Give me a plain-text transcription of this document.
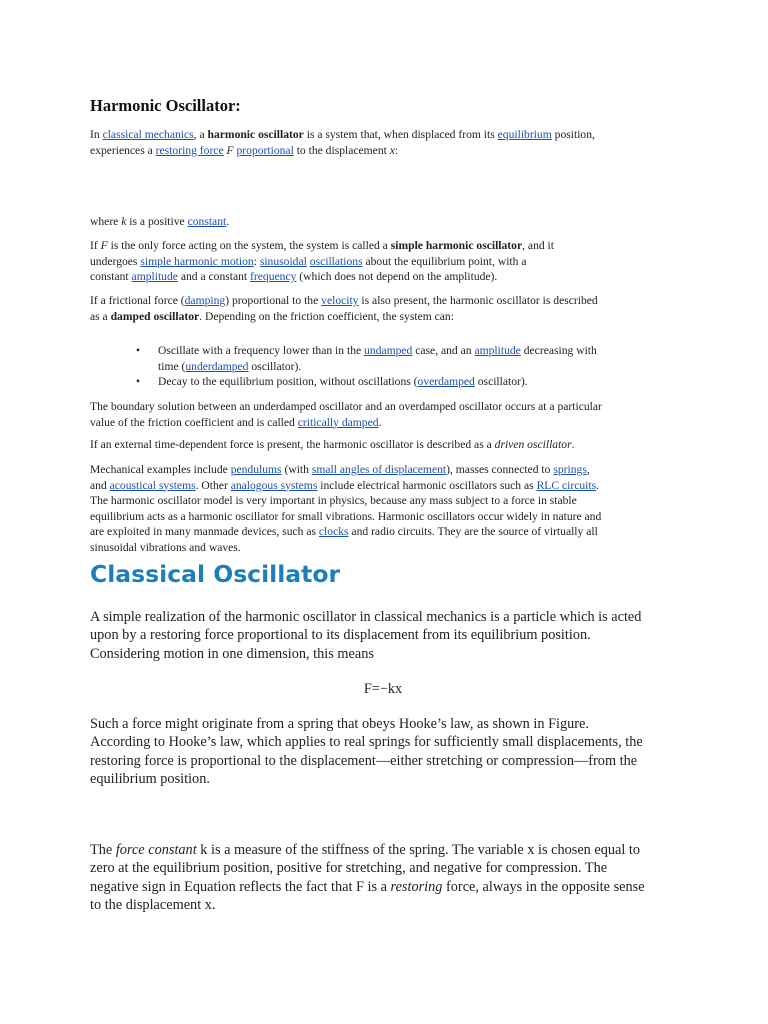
Harmonic Oscillator:

In classical mechanics, a harmonic oscillator is a system that, when displaced from its equilibrium position,
experiences a restoring force F proportional to the displacement x:

where k is a positive constant.

If F is the only force acting on the system, the system is called a simple harmonic oscillator, and it
undergoes simple harmonic motion: sinusoidal oscillations about the equilibrium point, with a
constant amplitude and a constant frequency (which does not depend on the amplitude).

If a frictional force (damping) proportional to the velocity is also present, the harmonic oscillator is described
as a damped oscillator. Depending on the friction coefficient, the system can:

• Oscillate with a frequency lower than in the undamped case, and an amplitude decreasing with
time (underdamped oscillator).
• Decay to the equilibrium position, without oscillations (overdamped oscillator).

The boundary solution between an underdamped oscillator and an overdamped oscillator occurs at a particular
value of the friction coefficient and is called critically damped.

If an external time-dependent force is present, the harmonic oscillator is described as a driven oscillator.

Mechanical examples include pendulums (with small angles of displacement), masses connected to springs,
and acoustical systems. Other analogous systems include electrical harmonic oscillators such as RLC circuits.
The harmonic oscillator model is very important in physics, because any mass subject to a force in stable
equilibrium acts as a harmonic oscillator for small vibrations. Harmonic oscillators occur widely in nature and
are exploited in many manmade devices, such as clocks and radio circuits. They are the source of virtually all
sinusoidal vibrations and waves.

Classical Oscillator

A simple realization of the harmonic oscillator in classical mechanics is a particle which is acted
upon by a restoring force proportional to its displacement from its equilibrium position.
Considering motion in one dimension, this means

F=−kx

Such a force might originate from a spring that obeys Hooke’s law, as shown in Figure.
According to Hooke’s law, which applies to real springs for sufficiently small displacements, the
restoring force is proportional to the displacement—either stretching or compression—from the
equilibrium position.

The force constant k is a measure of the stiffness of the spring. The variable x is chosen equal to
zero at the equilibrium position, positive for stretching, and negative for compression. The
negative sign in Equation reflects the fact that F is a restoring force, always in the opposite sense
to the displacement x.
